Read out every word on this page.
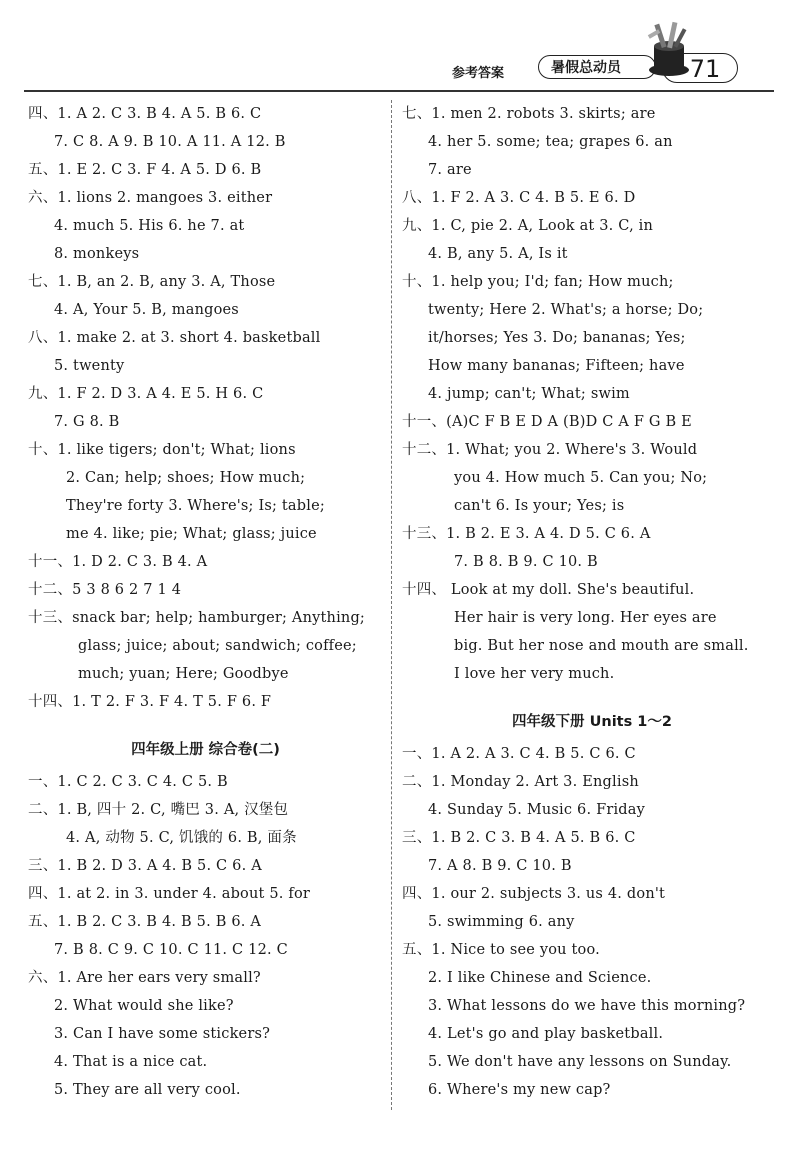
参考答案	暑假总动员	71
四、1. A 2. C 3. B 4. A 5. B 6. C
7. C 8. A 9. B 10. A 11. A 12. B
五、1. E 2. C 3. F 4. A 5. D 6. B
六、1. lions 2. mangoes 3. either
4. much 5. His 6. he 7. at
8. monkeys
七、1. B, an 2. B, any 3. A, Those
4. A, Your 5. B, mangoes
八、1. make 2. at 3. short 4. basketball
5. twenty
九、1. F 2. D 3. A 4. E 5. H 6. C
7. G 8. B
十、1. like tigers; don't; What; lions
2. Can; help; shoes; How much;
They're forty 3. Where's; Is; table;
me 4. like; pie; What; glass; juice
十一、1. D 2. C 3. B 4. A
十二、5 3 8 6 2 7 1 4
十三、snack bar; help; hamburger; Anything;
glass; juice; about; sandwich; coffee;
much; yuan; Here; Goodbye
十四、1. T 2. F 3. F 4. T 5. F 6. F
四年级上册 综合卷(二)
一、1. C 2. C 3. C 4. C 5. B
二、1. B, 四十 2. C, 嘴巴 3. A, 汉堡包
4. A, 动物 5. C, 饥饿的 6. B, 面条
三、1. B 2. D 3. A 4. B 5. C 6. A
四、1. at 2. in 3. under 4. about 5. for
五、1. B 2. C 3. B 4. B 5. B 6. A
7. B 8. C 9. C 10. C 11. C 12. C
六、1. Are her ears very small?
2. What would she like?
3. Can I have some stickers?
4. That is a nice cat.
5. They are all very cool.
七、1. men 2. robots 3. skirts; are
4. her 5. some; tea; grapes 6. an
7. are
八、1. F 2. A 3. C 4. B 5. E 6. D
九、1. C, pie 2. A, Look at 3. C, in
4. B, any 5. A, Is it
十、1. help you; I'd; fan; How much;
twenty; Here 2. What's; a horse; Do;
it/horses; Yes 3. Do; bananas; Yes;
How many bananas; Fifteen; have
4. jump; can't; What; swim
十一、(A)C F B E D A (B)D C A F G B E
十二、1. What; you 2. Where's 3. Would
you 4. How much 5. Can you; No;
can't 6. Is your; Yes; is
十三、1. B 2. E 3. A 4. D 5. C 6. A
7. B 8. B 9. C 10. B
十四、 Look at my doll. She's beautiful.
Her hair is very long. Her eyes are
big. But her nose and mouth are small.
I love her very much.
四年级下册 Units 1～2
一、1. A 2. A 3. C 4. B 5. C 6. C
二、1. Monday 2. Art 3. English
4. Sunday 5. Music 6. Friday
三、1. B 2. C 3. B 4. A 5. B 6. C
7. A 8. B 9. C 10. B
四、1. our 2. subjects 3. us 4. don't
5. swimming 6. any
五、1. Nice to see you too.
2. I like Chinese and Science.
3. What lessons do we have this morning?
4. Let's go and play basketball.
5. We don't have any lessons on Sunday.
6. Where's my new cap?
